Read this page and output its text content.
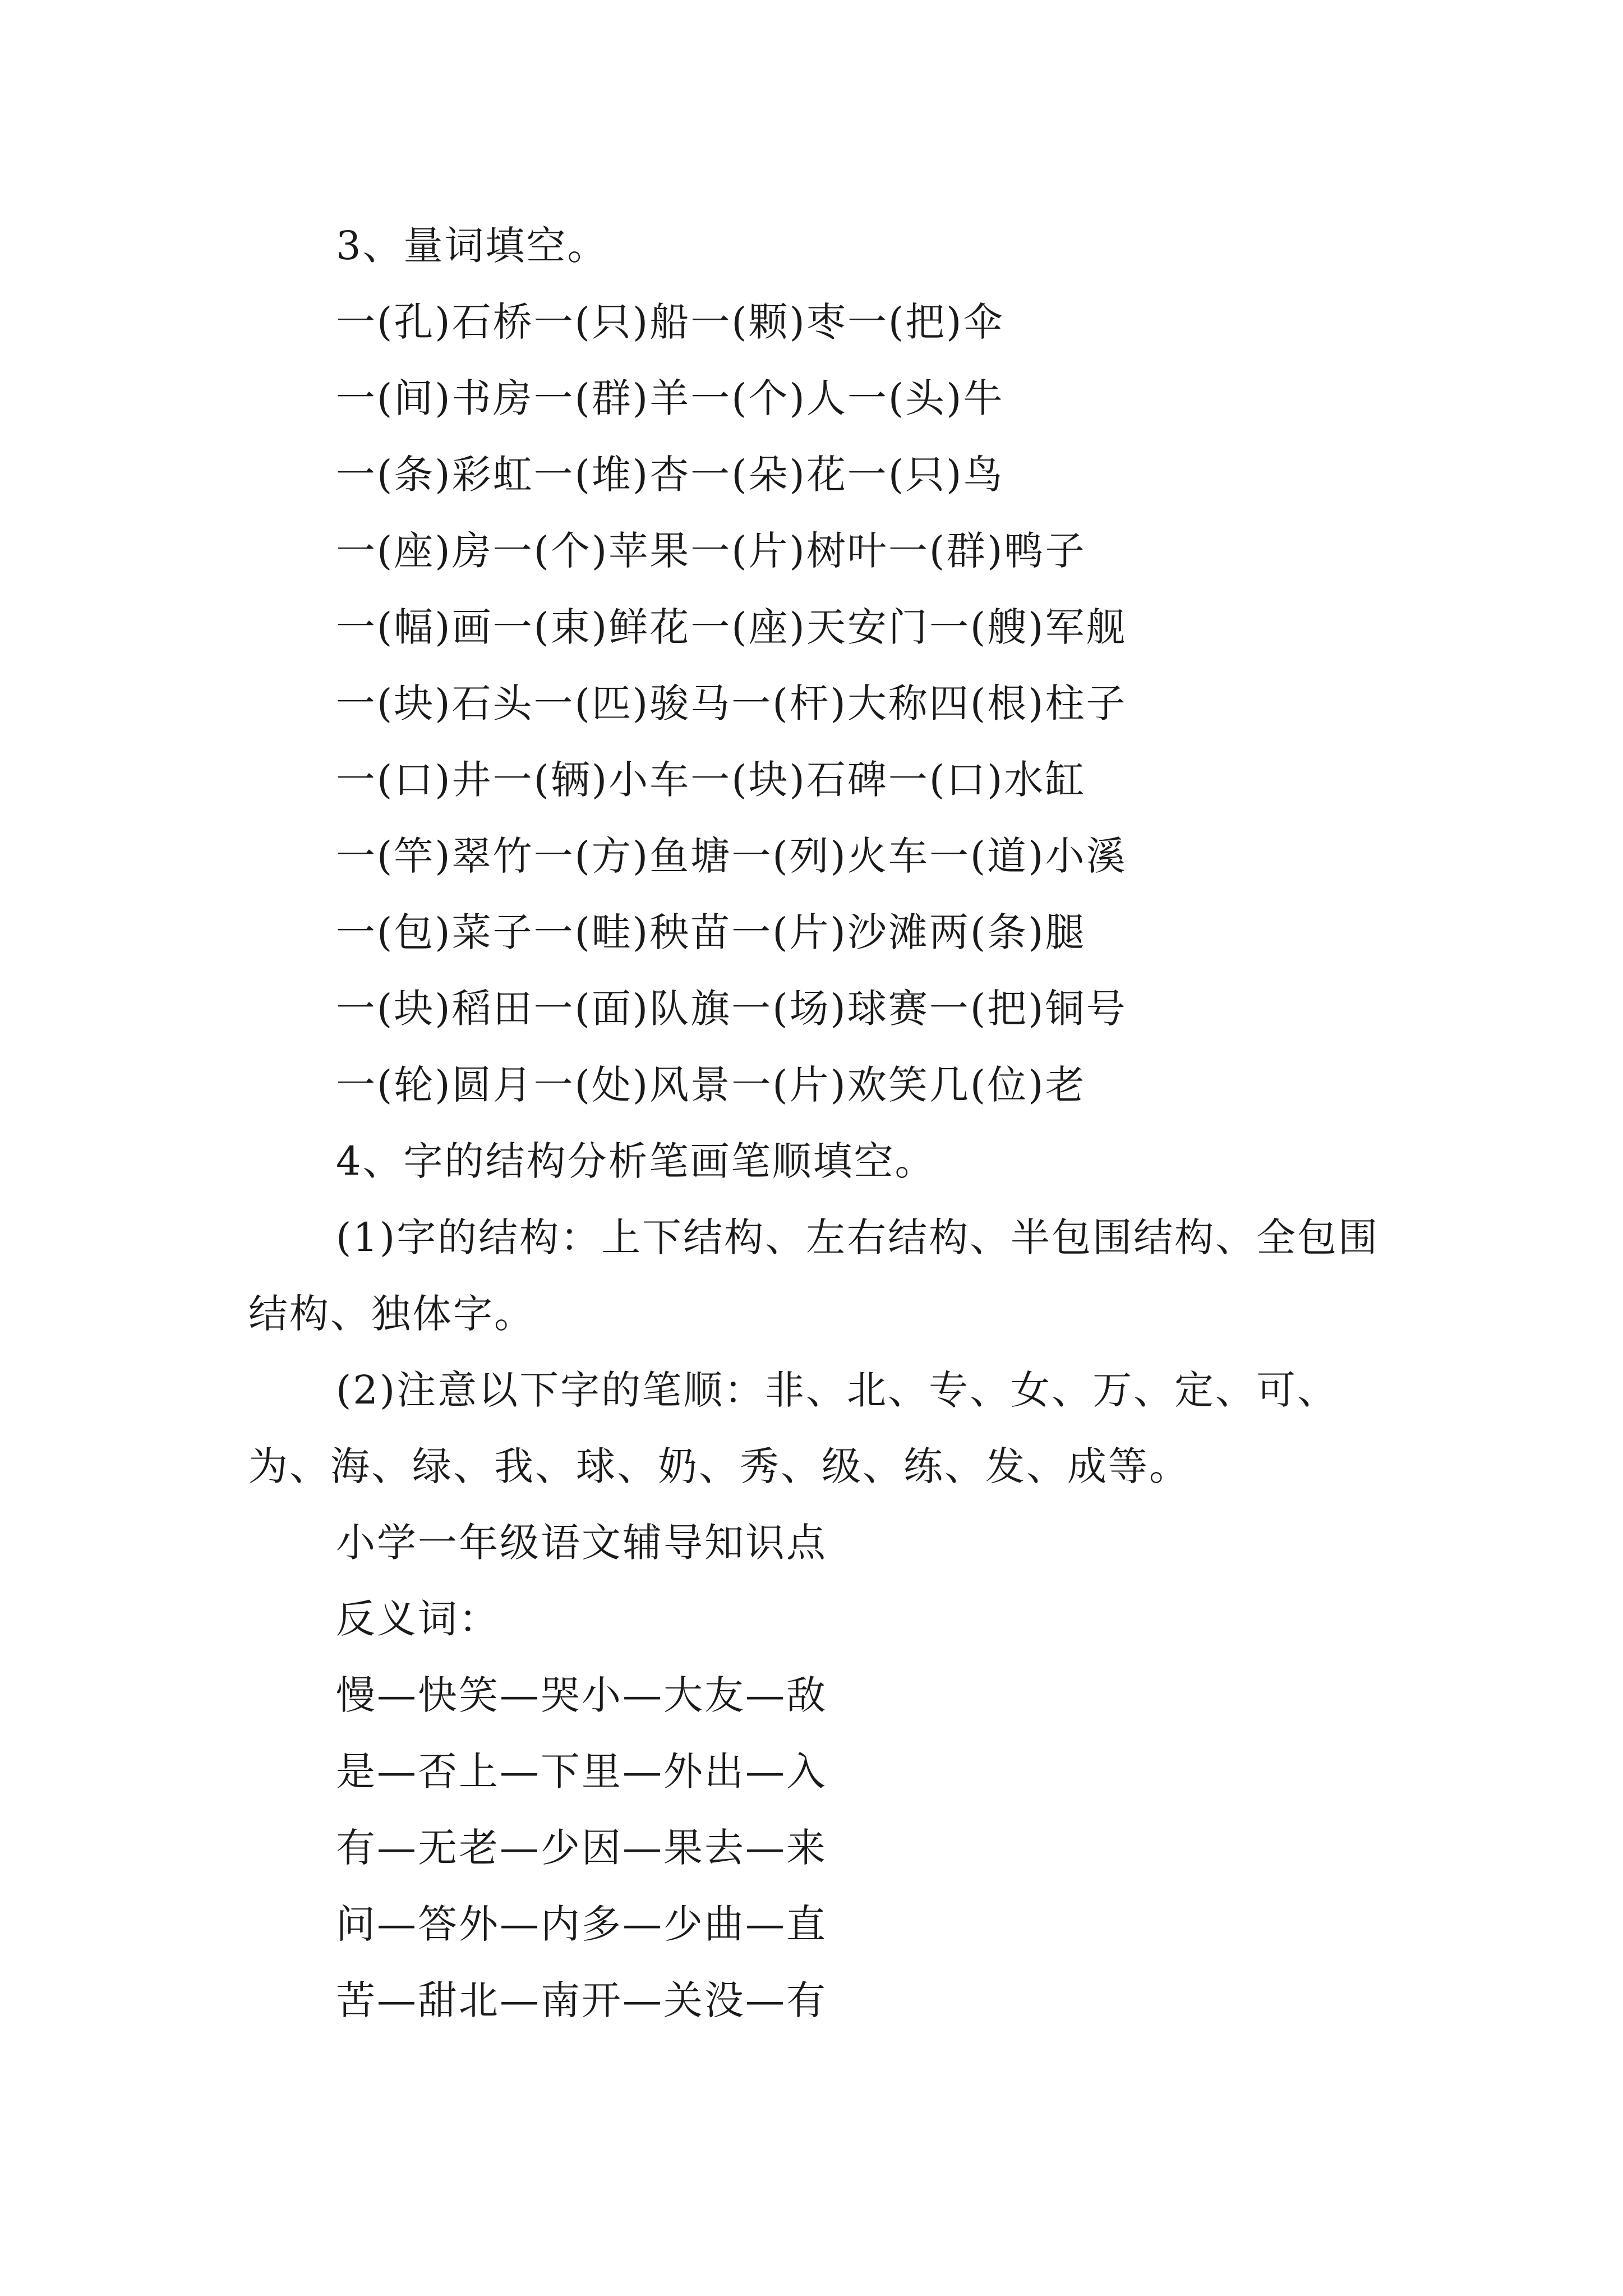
3、量词填空。
一(孔)石桥一(只)船一(颗)枣一(把)伞
一(间)书房一(群)羊一(个)人一(头)牛
一(条)彩虹一(堆)杏一(朵)花一(只)鸟
一(座)房一(个)苹果一(片)树叶一(群)鸭子
一(幅)画一(束)鲜花一(座)天安门一(艘)军舰
一(块)石头一(匹)骏马一(杆)大称四(根)柱子
一(口)井一(辆)小车一(块)石碑一(口)水缸
一(竿)翠竹一(方)鱼塘一(列)火车一(道)小溪
一(包)菜子一(畦)秧苗一(片)沙滩两(条)腿
一(块)稻田一(面)队旗一(场)球赛一(把)铜号
一(轮)圆月一(处)风景一(片)欢笑几(位)老
4、字的结构分析笔画笔顺填空。
(1)字的结构：上下结构、左右结构、半包围结构、全包围结构、独体字。
(2)注意以下字的笔顺：非、北、专、女、万、定、可、为、海、绿、我、球、奶、秀、级、练、发、成等。
小学一年级语文辅导知识点
反义词：
慢—快笑—哭小—大友—敌
是—否上—下里—外出—入
有—无老—少因—果去—来
问—答外—内多—少曲—直
苦—甜北—南开—关没—有
